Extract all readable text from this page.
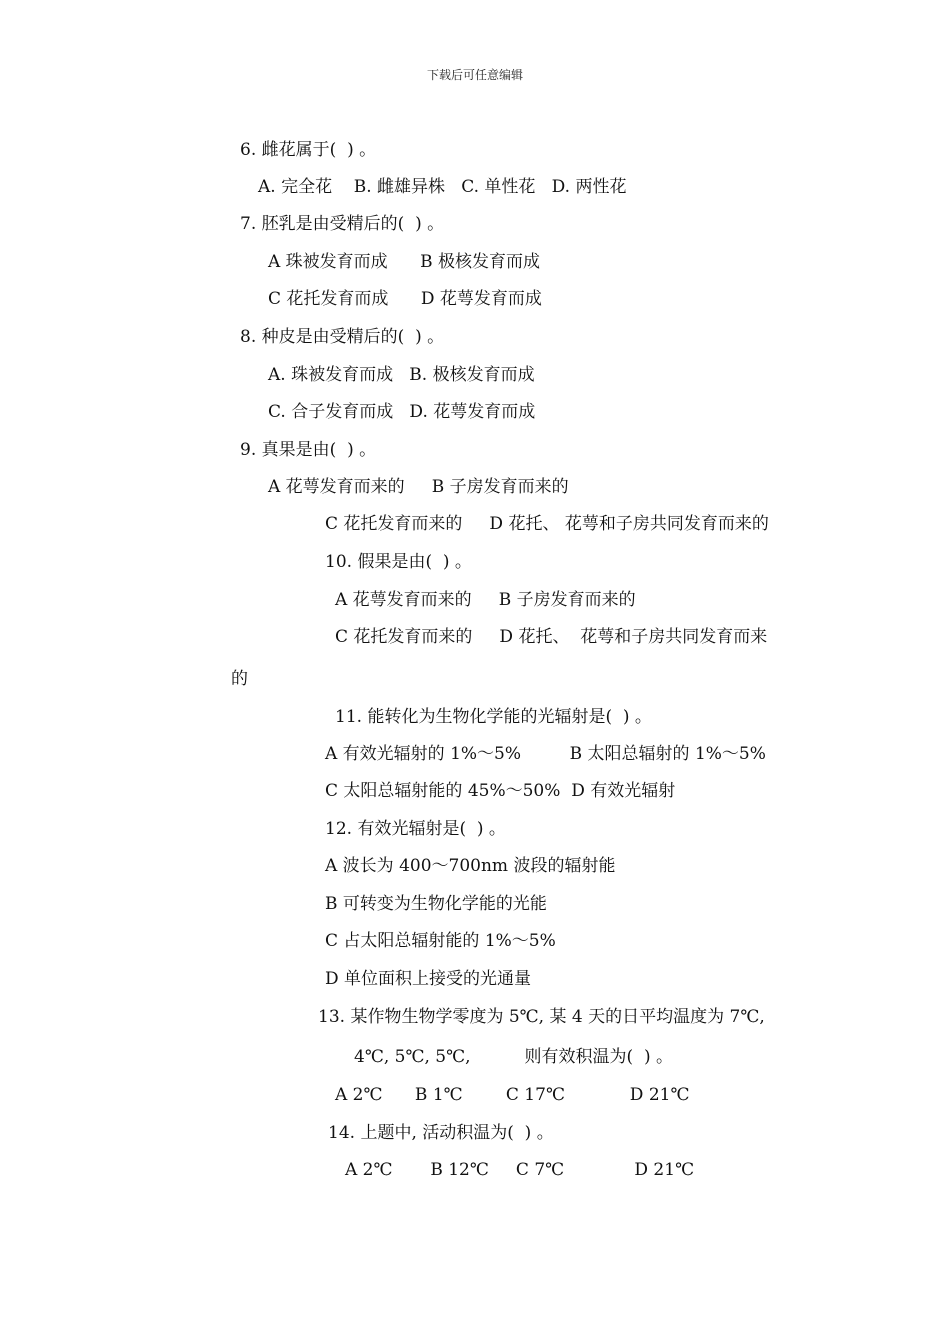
下载后可任意编辑
6. 雌花属于(  ) 。
A. 完全花    B. 雌雄异株   C. 单性花   D. 两性花
7. 胚乳是由受精后的(  ) 。
A 珠被发育而成      B 极核发育而成
C 花托发育而成      D 花萼发育而成
8. 种皮是由受精后的(  ) 。
A. 珠被发育而成   B. 极核发育而成
C. 合子发育而成   D. 花萼发育而成
9. 真果是由(  ) 。
A 花萼发育而来的     B 子房发育而来的
C 花托发育而来的     D 花托、 花萼和子房共同发育而来的
10. 假果是由(  ) 。
A 花萼发育而来的     B 子房发育而来的
C 花托发育而来的     D 花托、  花萼和子房共同发育而来
的
11. 能转化为生物化学能的光辐射是(  ) 。
A 有效光辐射的 1%～5%         B 太阳总辐射的 1%～5%
C 太阳总辐射能的 45%～50%  D 有效光辐射
12. 有效光辐射是(  ) 。
A 波长为 400～700nm 波段的辐射能
B 可转变为生物化学能的光能
C 占太阳总辐射能的 1%～5%
D 单位面积上接受的光通量
13. 某作物生物学零度为 5℃, 某 4 天的日平均温度为 7℃,
4℃, 5℃, 5℃,          则有效积温为(  ) 。
A 2℃      B 1℃        C 17℃            D 21℃
14. 上题中, 活动积温为(  ) 。
A 2℃       B 12℃     C 7℃             D 21℃
